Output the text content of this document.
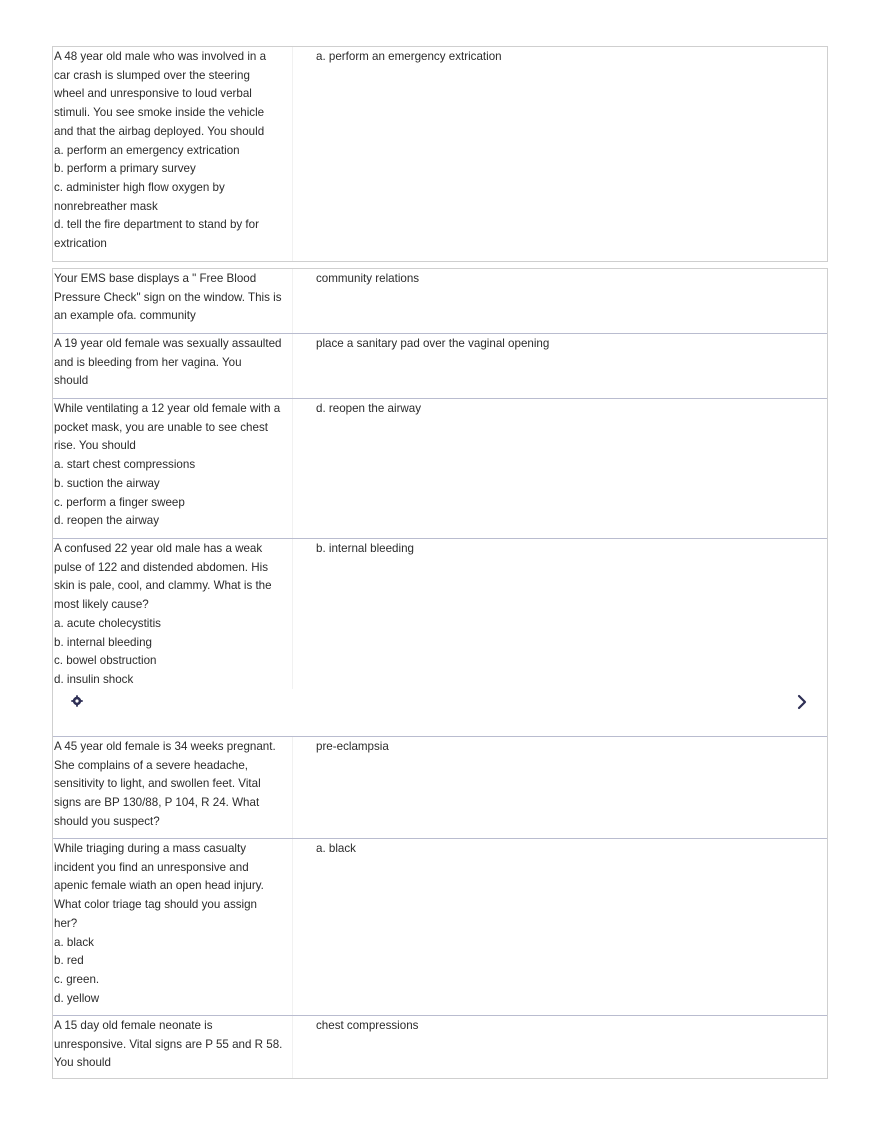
A 48 year old male who was involved in a
car crash is slumped over the steering
wheel and unresponsive to loud verbal
stimuli. You see smoke inside the vehicle
and that the airbag deployed. You should
a. perform an emergency extrication
b. perform a primary survey
c. administer high flow oxygen by
nonrebreather mask
d. tell the fire department to stand by for
extrication
a. perform an emergency extrication
Your EMS base displays a " Free Blood
Pressure Check" sign on the window. This is
an example ofa. community
community relations
A 19 year old female was sexually assaulted
and is bleeding from her vagina. You
should
place a sanitary pad over the vaginal opening
While ventilating a 12 year old female with a
pocket mask, you are unable to see chest
rise. You should
a. start chest compressions
b. suction the airway
c. perform a finger sweep
d. reopen the airway
d. reopen the airway
A confused 22 year old male has a weak
pulse of 122 and distended abdomen. His
skin is pale, cool, and clammy. What is the
most likely cause?
a. acute cholecystitis
b. internal bleeding
c. bowel obstruction
d. insulin shock
b. internal bleeding
A 45 year old female is 34 weeks pregnant.
She complains of a severe headache,
sensitivity to light, and swollen feet. Vital
signs are BP 130/88, P 104, R 24. What
should you suspect?
pre-eclampsia
While triaging during a mass casualty
incident you find an unresponsive and
apenic female wiath an open head injury.
What color triage tag should you assign
her?
a. black
b. red
c. green.
d. yellow
a. black
A 15 day old female neonate is
unresponsive. Vital signs are P 55 and R 58.
You should
chest compressions
